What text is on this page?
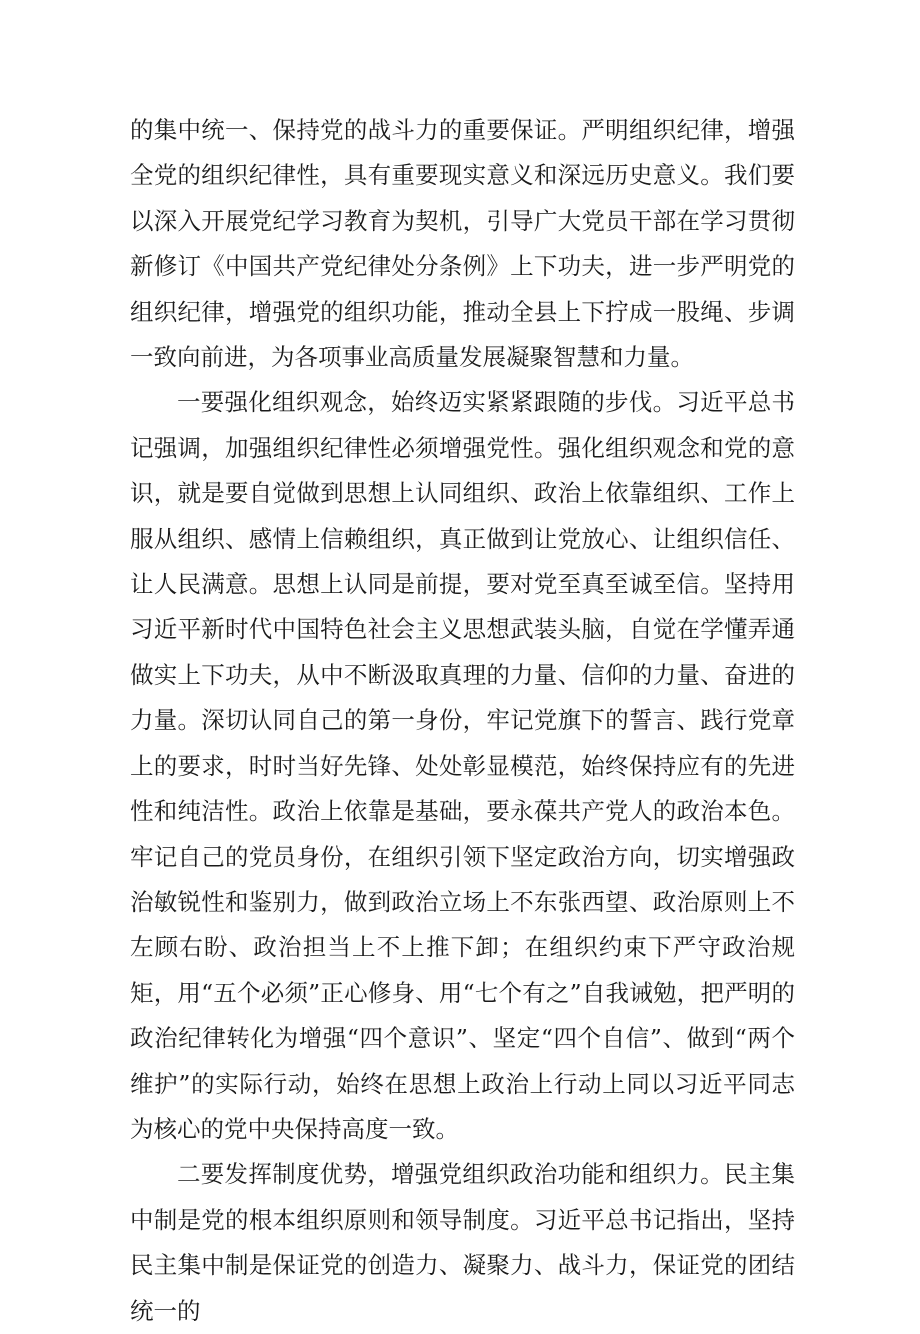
的集中统一、保持党的战斗力的重要保证。严明组织纪律，增强全党的组织纪律性，具有重要现实意义和深远历史意义。我们要以深入开展党纪学习教育为契机，引导广大党员干部在学习贯彻新修订《中国共产党纪律处分条例》上下功夫，进一步严明党的组织纪律，增强党的组织功能，推动全县上下拧成一股绳、步调一致向前进，为各项事业高质量发展凝聚智慧和力量。

一要强化组织观念，始终迈实紧紧跟随的步伐。习近平总书记强调，加强组织纪律性必须增强党性。强化组织观念和党的意识，就是要自觉做到思想上认同组织、政治上依靠组织、工作上服从组织、感情上信赖组织，真正做到让党放心、让组织信任、让人民满意。思想上认同是前提，要对党至真至诚至信。坚持用习近平新时代中国特色社会主义思想武装头脑，自觉在学懂弄通做实上下功夫，从中不断汲取真理的力量、信仰的力量、奋进的力量。深切认同自己的第一身份，牢记党旗下的誓言、践行党章上的要求，时时当好先锋、处处彰显模范，始终保持应有的先进性和纯洁性。政治上依靠是基础，要永葆共产党人的政治本色。牢记自己的党员身份，在组织引领下坚定政治方向，切实增强政治敏锐性和鉴别力，做到政治立场上不东张西望、政治原则上不左顾右盼、政治担当上不上推下卸；在组织约束下严守政治规矩，用“五个必须”正心修身、用“七个有之”自我诫勉，把严明的政治纪律转化为增强“四个意识”、坚定“四个自信”、做到“两个维护”的实际行动，始终在思想上政治上行动上同以习近平同志为核心的党中央保持高度一致。

二要发挥制度优势，增强党组织政治功能和组织力。民主集中制是党的根本组织原则和领导制度。习近平总书记指出，坚持民主集中制是保证党的创造力、凝聚力、战斗力，保证党的团结统一的
